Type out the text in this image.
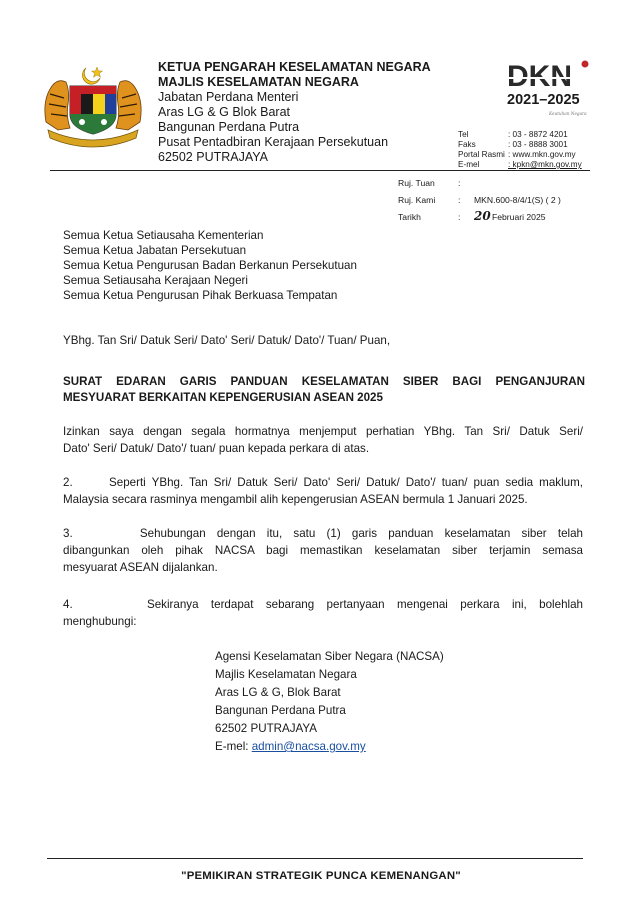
KETUA PENGARAH KESELAMATAN NEGARA
MAJLIS KESELAMATAN NEGARA
Jabatan Perdana Menteri
Aras LG & G Blok Barat
Bangunan Perdana Putra
Pusat Pentadbiran Kerajaan Persekutuan
62502 PUTRAJAYA
DKN
2021–2025
Keutuhan Negara
Tel	: 03 - 8872 4201
Faks	: 03 - 8888 3001
Portal Rasmi : www.mkn.gov.my
E-mel	: kpkn@mkn.gov.my
Ruj. Tuan	:
Ruj. Kami	: MKN.600-8/4/1(S) ( 2 )
Tarikh	: 20 Februari 2025
Semua Ketua Setiausaha Kementerian
Semua Ketua Jabatan Persekutuan
Semua Ketua Pengurusan Badan Berkanun Persekutuan
Semua Setiausaha Kerajaan Negeri
Semua Ketua Pengurusan Pihak Berkuasa Tempatan
YBhg. Tan Sri/ Datuk Seri/ Dato' Seri/ Datuk/ Dato'/ Tuan/ Puan,
SURAT EDARAN GARIS PANDUAN KESELAMATAN SIBER BAGI PENGANJURAN
MESYUARAT BERKAITAN KEPENGERUSIAN ASEAN 2025
Izinkan saya dengan segala hormatnya menjemput perhatian YBhg. Tan Sri/ Datuk Seri/
Dato' Seri/ Datuk/ Dato'/ tuan/ puan kepada perkara di atas.
2.      Seperti YBhg. Tan Sri/ Datuk Seri/ Dato' Seri/ Datuk/ Dato'/ tuan/ puan sedia maklum,
Malaysia secara rasminya mengambil alih kepengerusian ASEAN bermula 1 Januari 2025.
3.      Sehubungan dengan itu, satu (1) garis panduan keselamatan siber telah
dibangunkan oleh pihak NACSA bagi memastikan keselamatan siber terjamin semasa
mesyuarat ASEAN dijalankan.
4.      Sekiranya terdapat sebarang pertanyaan mengenai perkara ini, bolehlah
menghubungi:
Agensi Keselamatan Siber Negara (NACSA)
Majlis Keselamatan Negara
Aras LG & G, Blok Barat
Bangunan Perdana Putra
62502 PUTRAJAYA
E-mel: admin@nacsa.gov.my
"PEMIKIRAN STRATEGIK PUNCA KEMENANGAN"
